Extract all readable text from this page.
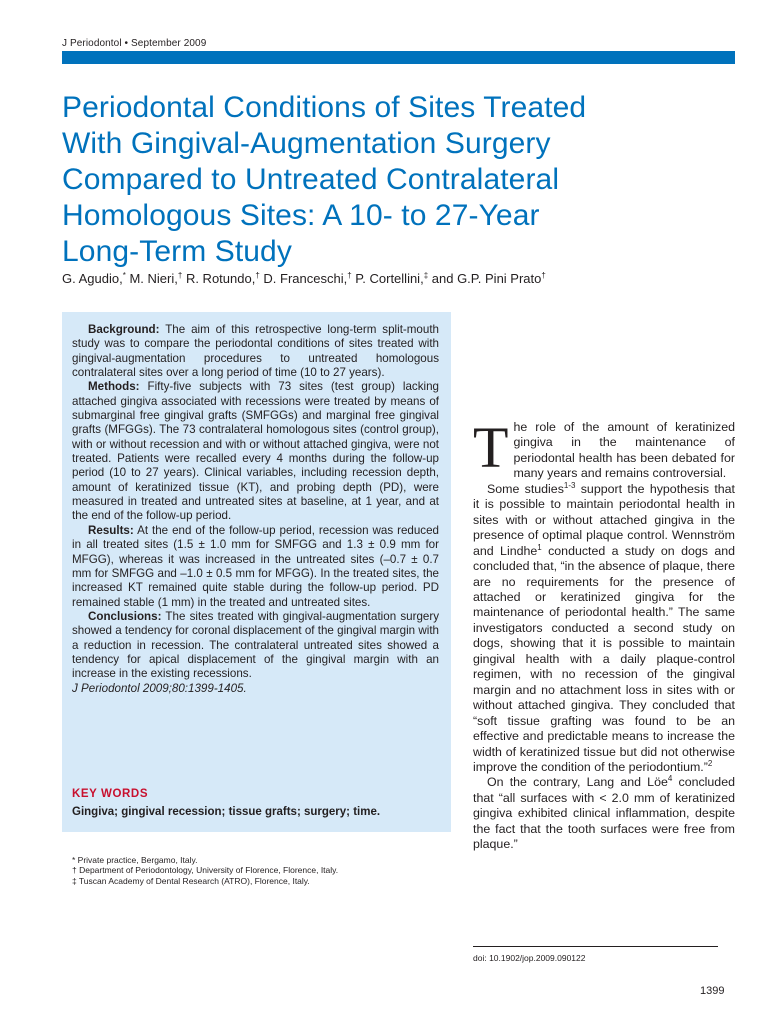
J Periodontol • September 2009
Periodontal Conditions of Sites Treated
With Gingival-Augmentation Surgery
Compared to Untreated Contralateral
Homologous Sites: A 10- to 27-Year
Long-Term Study
G. Agudio,* M. Nieri,† R. Rotundo,† D. Franceschi,† P. Cortellini,‡ and G.P. Pini Prato†

Background: The aim of this retrospective long-term split-mouth study was to compare the periodontal conditions of sites treated with gingival-augmentation procedures to untreated homologous contralateral sites over a long period of time (10 to 27 years).

Methods: Fifty-five subjects with 73 sites (test group) lacking attached gingiva associated with recessions were treated by means of submarginal free gingival grafts (SMFGGs) and marginal free gingival grafts (MFGGs). The 73 contralateral homologous sites (control group), with or without recession and with or without attached gingiva, were not treated. Patients were recalled every 4 months during the follow-up period (10 to 27 years). Clinical variables, including recession depth, amount of keratinized tissue (KT), and probing depth (PD), were measured in treated and untreated sites at baseline, at 1 year, and at the end of the follow-up period.

Results: At the end of the follow-up period, recession was reduced in all treated sites (1.5 ± 1.0 mm for SMFGG and 1.3 ± 0.9 mm for MFGG), whereas it was increased in the untreated sites (–0.7 ± 0.7 mm for SMFGG and –1.0 ± 0.5 mm for MFGG). In the treated sites, the increased KT remained quite stable during the follow-up period. PD remained stable (1 mm) in the treated and untreated sites.

Conclusions: The sites treated with gingival-augmentation surgery showed a tendency for coronal displacement of the gingival margin with a reduction in recession. The contralateral untreated sites showed a tendency for apical displacement of the gingival margin with an increase in the existing recessions.
J Periodontol 2009;80:1399-1405.

KEY WORDS
Gingiva; gingival recession; tissue grafts; surgery; time.
* Private practice, Bergamo, Italy.
† Department of Periodontology, University of Florence, Florence, Italy.
‡ Tuscan Academy of Dental Research (ATRO), Florence, Italy.

The role of the amount of keratinized gingiva in the maintenance of periodontal health has been debated for many years and remains controversial.

Some studies$^{1-3}$ support the hypothesis that it is possible to maintain periodontal health in sites with or without attached gingiva in the presence of optimal plaque control. Wennström and Lindhe$^1$ conducted a study on dogs and concluded that, “in the absence of plaque, there are no requirements for the presence of attached or keratinized gingiva for the maintenance of periodontal health.” The same investigators conducted a second study on dogs, showing that it is possible to maintain gingival health with a daily plaque-control regimen, with no recession of the gingival margin and no attachment loss in sites with or without attached gingiva. They concluded that “soft tissue grafting was found to be an effective and predictable means to increase the width of keratinized tissue but did not otherwise improve the condition of the periodontium.”$^2$

On the contrary, Lang and Löe$^4$ concluded that “all surfaces with < 2.0 mm of keratinized gingiva exhibited clinical inflammation, despite the fact that the tooth surfaces were free from plaque.”

doi: 10.1902/jop.2009.090122
1399
